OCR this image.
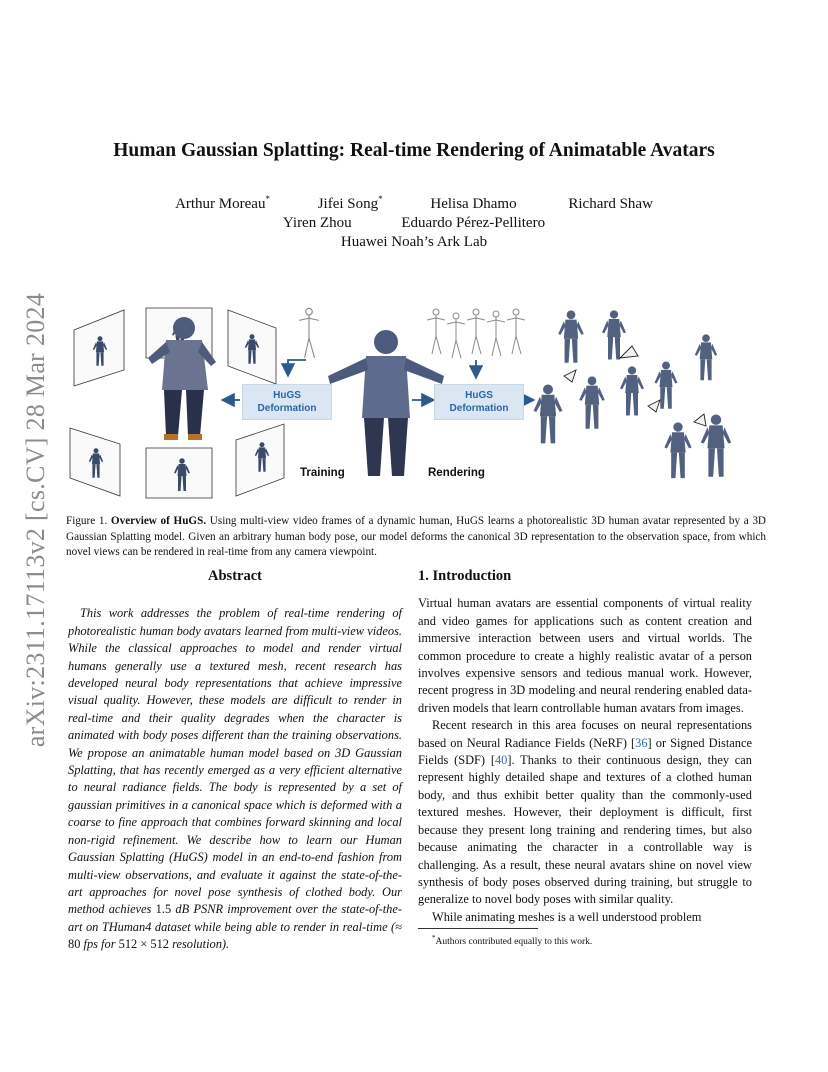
arXiv:2311.17113v2 [cs.CV] 28 Mar 2024
Human Gaussian Splatting: Real-time Rendering of Animatable Avatars
Arthur Moreau*	Jifei Song*	Helisa Dhamo	Richard Shaw
Yiren Zhou	Eduardo Pérez-Pellitero
Huawei Noah’s Ark Lab
HuGS
Deformation
HuGS
Deformation
Training	Rendering
Figure 1. Overview of HuGS. Using multi-view video frames of a dynamic human, HuGS learns a photorealistic 3D human avatar represented by a 3D Gaussian Splatting model. Given an arbitrary human body pose, our model deforms the canonical 3D representation to the observation space, from which novel views can be rendered in real-time from any camera viewpoint.
Abstract

This work addresses the problem of real-time rendering of photorealistic human body avatars learned from multi-view videos. While the classical approaches to model and render virtual humans generally use a textured mesh, recent research has developed neural body representations that achieve impressive visual quality. However, these models are difficult to render in real-time and their quality degrades when the character is animated with body poses different than the training observations. We propose an animatable human model based on 3D Gaussian Splatting, that has recently emerged as a very efficient alternative to neural radiance fields. The body is represented by a set of gaussian primitives in a canonical space which is deformed with a coarse to fine approach that combines forward skinning and local non-rigid refinement. We describe how to learn our Human Gaussian Splatting (HuGS) model in an end-to-end fashion from multi-view observations, and evaluate it against the state-of-the-art approaches for novel pose synthesis of clothed body. Our method achieves 1.5 dB PSNR improvement over the state-of-the-art on THuman4 dataset while being able to render in real-time (≈ 80 fps for 512 × 512 resolution).

1. Introduction

Virtual human avatars are essential components of virtual reality and video games for applications such as content creation and immersive interaction between users and virtual worlds. The common procedure to create a highly realistic avatar of a person involves expensive sensors and tedious manual work. However, recent progress in 3D modeling and neural rendering enabled data-driven models that learn controllable human avatars from images.

Recent research in this area focuses on neural representations based on Neural Radiance Fields (NeRF) [36] or Signed Distance Fields (SDF) [40]. Thanks to their continuous design, they can represent highly detailed shape and textures of a clothed human body, and thus exhibit better quality than the commonly-used textured meshes. However, their deployment is difficult, first because they present long training and rendering times, but also because animating the character in a controllable way is challenging. As a result, these neural avatars shine on novel view synthesis of body poses observed during training, but struggle to generalize to novel body poses with similar quality.

While animating meshes is a well understood problem

*Authors contributed equally to this work.
